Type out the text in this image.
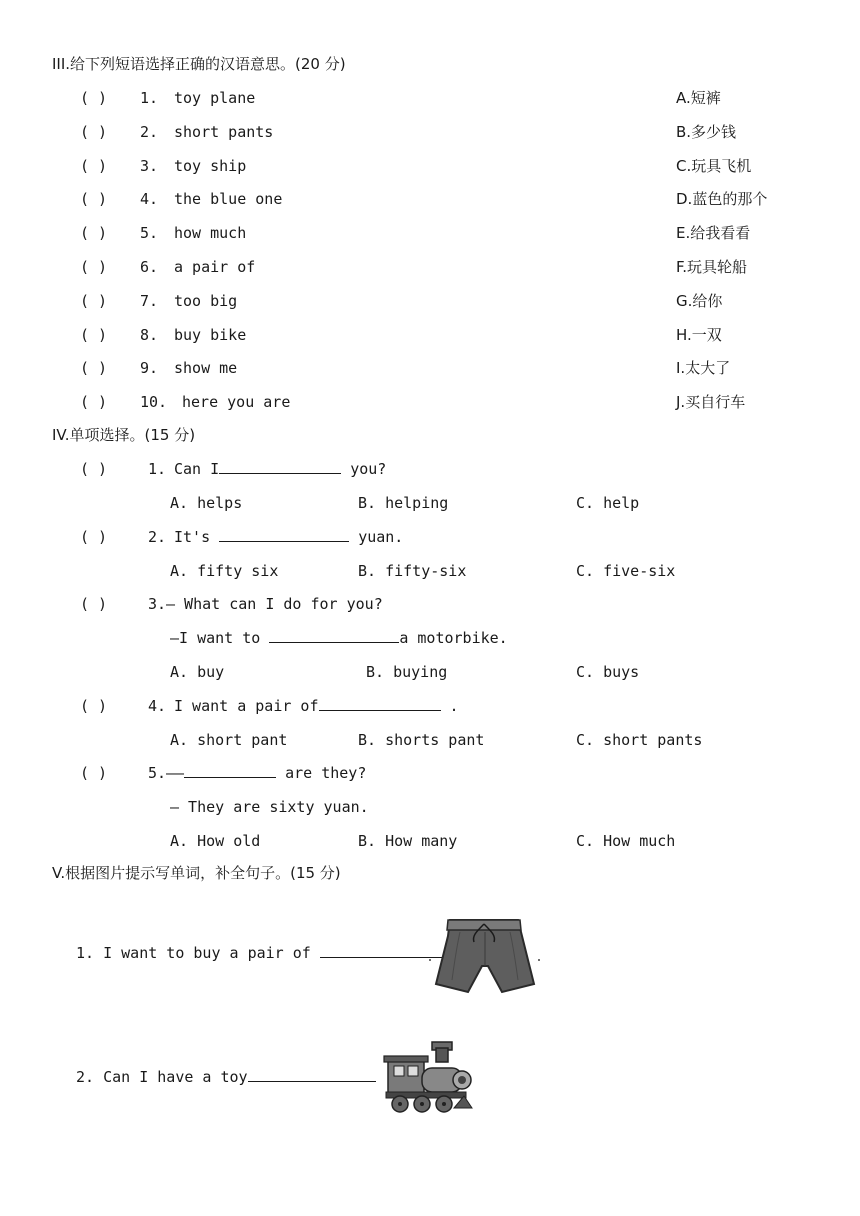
III.给下列短语选择正确的汉语意思。(20 分)
( ) 1. toy plane	A.短裤
( ) 2. short pants	B.多少钱
( ) 3. toy ship	C.玩具飞机
( ) 4. the blue one	D.蓝色的那个
( ) 5. how much	E.给我看看
( ) 6. a pair of	F.玩具轮船
( ) 7. too big	G.给你
( ) 8. buy bike	H.一双
( ) 9. show me	I.太大了
( ) 10. here you are	J.买自行车
IV.单项选择。(15 分)
( )	1. Can I	you?
A. helps	B. helping	C. help
( )	2. It's	yuan.
A. fifty six	B. fifty-six	C. five-six
( )	3. — What can I do for you?
—I want to	a motorbike.
A. buy	B. buying	C. buys
( )	4. I want a pair of	.
A. short pant	B. shorts pant	C. short pants
( )	5. ——	are they?
— They are sixty yuan.
A. How old	B. How many	C. How much
V.根据图片提示写单词，补全句子。(15 分)
1. I want to buy a pair of
2. Can I have a toy
